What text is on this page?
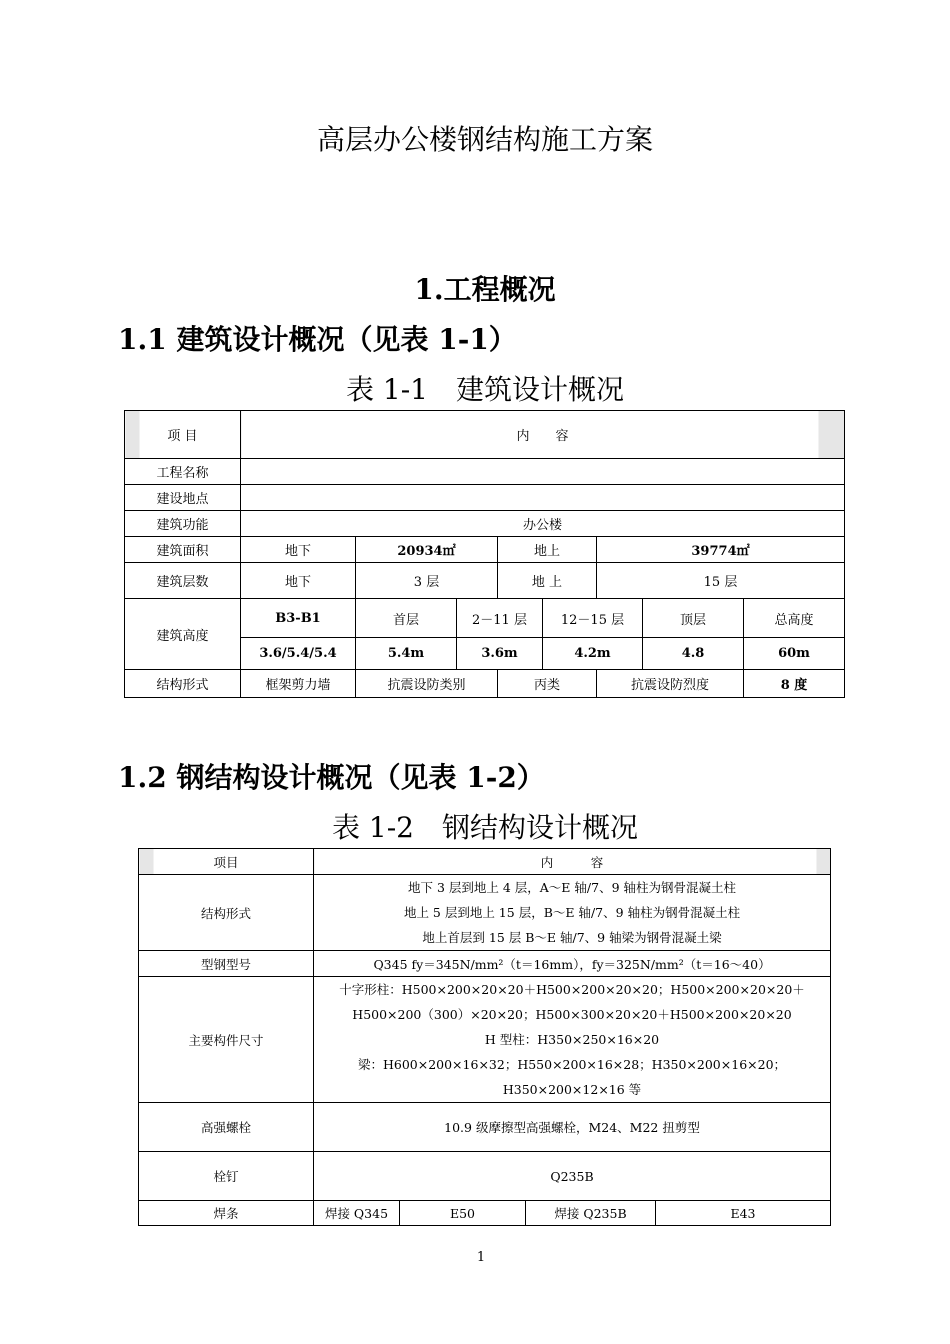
高层办公楼钢结构施工方案
1.工程概况
1.1 建筑设计概况（见表 1-1）
表 1-1　建筑设计概况
项 目	内　　容							
工程名称								
建设地点								
建筑功能	办公楼							
建筑面积	地下	20934㎡		地上		39774㎡		
建筑层数	地下	3 层		地 上		15 层		
建筑高度	B3-B1	首层	2－11 层		12－15 层		顶层	总高度
	3.6/5.4/5.4	5.4m	3.6m		4.2m		4.8	60m
结构形式	框架剪力墙	抗震设防类别		丙类		抗震设防烈度		8 度
1.2 钢结构设计概况（见表 1-2）
表 1-2　钢结构设计概况
项目	内　　　容			
结构形式	地下 3 层到地上 4 层，A～E 轴/7、9 轴柱为钢骨混凝土柱
地上 5 层到地上 15 层，B～E 轴/7、9 轴柱为钢骨混凝土柱
地上首层到 15 层 B～E 轴/7、9 轴梁为钢骨混凝土梁			

型钢型号	Q345 fy＝345N/mm²（t＝16mm），fy＝325N/mm²（t＝16～40）			
主要构件尺寸	十字形柱：H500×200×20×20＋H500×200×20×20；H500×200×20×20＋
H500×200（300）×20×20；H500×300×20×20＋H500×200×20×20
H 型柱：H350×250×16×20
梁：H600×200×16×32；H550×200×16×28；H350×200×16×20；
H350×200×12×16 等			

高强螺栓	10.9 级摩擦型高强螺栓，M24、M22 扭剪型			
栓钉	Q235B			
焊条	焊接 Q345	E50	焊接 Q235B	E43
1
